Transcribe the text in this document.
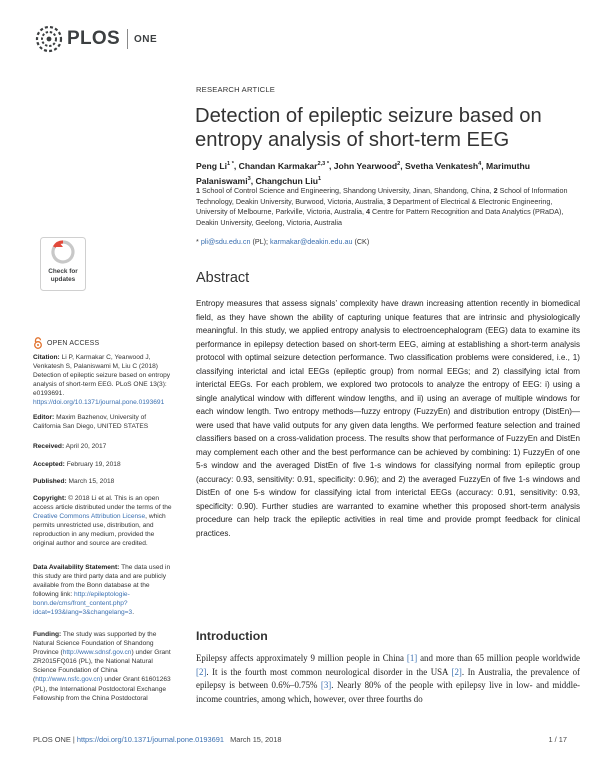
PLOS ONE
RESEARCH ARTICLE
Detection of epileptic seizure based on entropy analysis of short-term EEG
Peng $Li^{1 *}$, Chandan Karmakar$^{2,3 *}$, John Yearwood$^2$, Svetha Venkatesh$^4$, Marimuthu Palaniswami$^3$, Changchun Liu$^1$
1 School of Control Science and Engineering, Shandong University, Jinan, Shandong, China, 2 School of Information Technology, Deakin University, Burwood, Victoria, Australia, 3 Department of Electrical & Electronic Engineering, University of Melbourne, Parkville, Victoria, Australia, 4 Centre for Pattern Recognition and Data Analytics (PRaDA), Deakin University, Geelong, Victoria, Australia
* pli@sdu.edu.cn (PL); karmakar@deakin.edu.au (CK)
Check for
updates
OPEN ACCESS
Citation: Li P, Karmakar C, Yearwood J, Venkatesh S, Palaniswami M, Liu C (2018) Detection of epileptic seizure based on entropy analysis of short-term EEG. PLoS ONE 13(3): e0193691. https://doi.org/10.1371/journal.pone.0193691
Editor: Maxim Bazhenov, University of California San Diego, UNITED STATES
Received: April 20, 2017
Accepted: February 19, 2018
Published: March 15, 2018
Copyright: © 2018 Li et al. This is an open access article distributed under the terms of the Creative Commons Attribution License, which permits unrestricted use, distribution, and reproduction in any medium, provided the original author and source are credited.
Data Availability Statement: The data used in this study are third party data and are publicly available from the Bonn database at the following link: http://epileptologie-bonn.de/cms/front_content.php?idcat=193&lang=3&changelang=3.
Funding: The study was supported by the Natural Science Foundation of Shandong Province (http://www.sdnsf.gov.cn) under Grant ZR2015FQ016 (PL), the National Natural Science Foundation of China (http://www.nsfc.gov.cn) under Grant 61601263 (PL), the International Postdoctoral Exchange Fellowship from the China Postdoctoral
Abstract

Entropy measures that assess signals’ complexity have drawn increasing attention recently in biomedical field, as they have shown the ability of capturing unique features that are intrinsic and physiologically meaningful. In this study, we applied entropy analysis to electroencephalogram (EEG) data to examine its performance in epilepsy detection based on short-term EEG, aiming at establishing a short-term analysis protocol with optimal seizure detection performance. Two classification problems were considered, i.e., 1) classifying interictal and ictal EEGs (epileptic group) from normal EEGs; and 2) classifying ictal from interictal EEGs. For each problem, we explored two protocols to analyze the entropy of EEG: i) using a single analytical window with different window lengths, and ii) using an average of multiple windows for each window length. Two entropy methods—fuzzy entropy (FuzzyEn) and distribution entropy (DistEn)—were used that have valid outputs for any given data lengths. We performed feature selection and trained classifiers based on a cross-validation process. The results show that performance of FuzzyEn and DistEn may complement each other and the best performance can be achieved by combining: 1) FuzzyEn of one 5-s window and the averaged DistEn of five 1-s windows for classifying normal from epileptic group (accuracy: 0.93, sensitivity: 0.91, specificity: 0.96); and 2) the averaged FuzzyEn of five 1-s windows and DistEn of one 5-s window for classifying ictal from interictal EEGs (accuracy: 0.91, sensitivity: 0.93, specificity: 0.90). Further studies are warranted to examine whether this proposed short-term analysis procedure can help track the epileptic activities in real time and provide prompt feedback for clinical practices.

Introduction

Epilepsy affects approximately 9 million people in China [1] and more than 65 million people worldwide [2]. It is the fourth most common neurological disorder in the USA [2]. In Australia, the prevalence of epilepsy is between 0.6%–0.75% [3]. Nearly 80% of the people with epilepsy live in low- and middle-income countries, among which, however, over three fourths do

PLOS ONE | https://doi.org/10.1371/journal.pone.0193691 March 15, 2018	1 / 17
